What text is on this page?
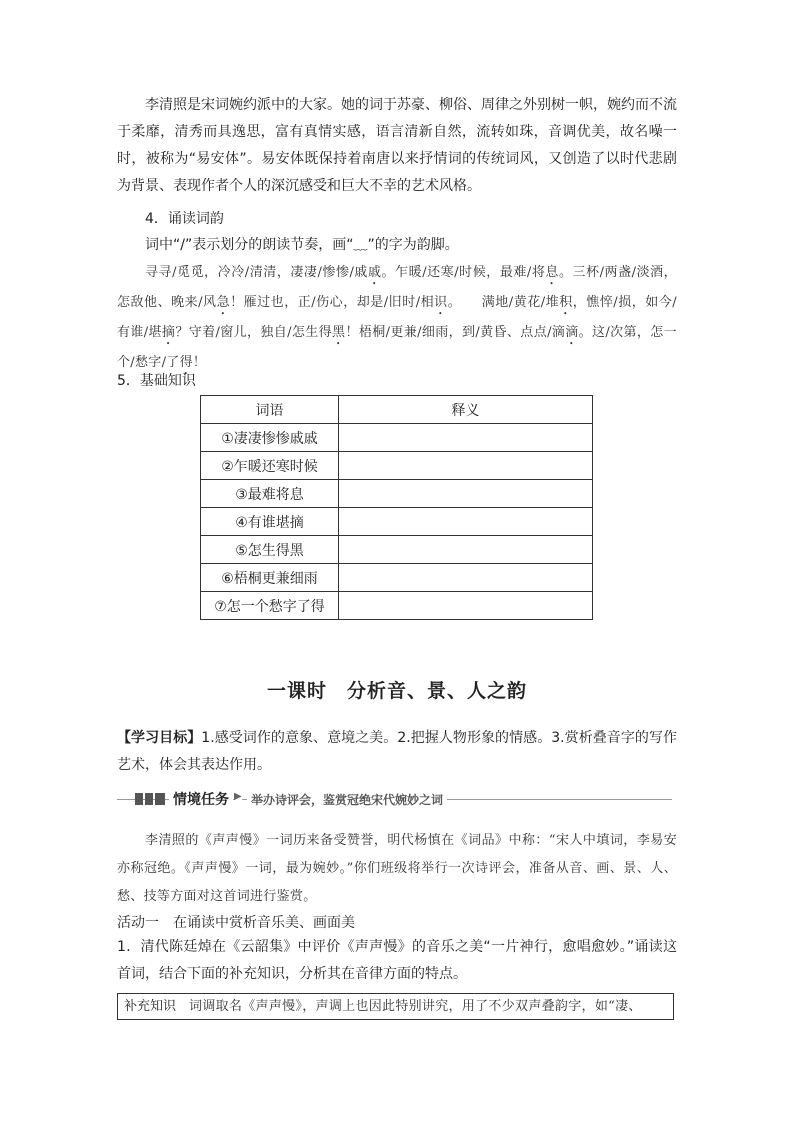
李清照是宋词婉约派中的大家。她的词于苏豪、柳俗、周律之外别树一帜，婉约而不流于柔靡，清秀而具逸思，富有真情实感，语言清新自然，流转如珠，音调优美，故名噪一时，被称为“易安体”。易安体既保持着南唐以来抒情词的传统词风，又创造了以时代悲剧为背景、表现作者个人的深沉感受和巨大不幸的艺术风格。
4．诵读词韵
词中“/”表示划分的朗读节奏，画“﹏”的字为韵脚。
寻寻/觅觅，冷冷/清清，凄凄/惨惨/戚戚。乍暖/还寒/时候，最难/将息。三杯/两盏/淡酒，怎敌他、晚来/风急！雁过也，正/伤心，却是/旧时/相识。　　满地/黄花/堆积，憔悴/损，如今/有谁/堪摘？守着/窗儿，独自/怎生得黑！梧桐/更兼/细雨，到/黄昏、点点/滴滴。这/次第，怎一个/愁字/了得！
5．基础知识
词语	释义
①凄凄惨惨戚戚	
②乍暖还寒时候	
③最难将息	
④有谁堪摘	
⑤怎生得黑	
⑥梧桐更兼细雨	
⑦怎一个愁字了得	
一课时　分析音、景、人之韵
【学习目标】1.感受词作的意象、意境之美。2.把握人物形象的情感。3.赏析叠音字的写作艺术，体会其表达作用。
情境任务 ▶ 举办诗评会，鉴赏冠绝宋代婉妙之词
李清照的《声声慢》一词历来备受赞誉，明代杨慎在《词品》中称：“宋人中填词，李易安亦称冠绝。《声声慢》一词，最为婉妙。”你们班级将举行一次诗评会，准备从音、画、景、人、愁、技等方面对这首词进行鉴赏。
活动一　在诵读中赏析音乐美、画面美
1．清代陈廷焯在《云韶集》中评价《声声慢》的音乐之美“一片神行，愈唱愈妙。”诵读这首词，结合下面的补充知识，分析其在音律方面的特点。
补充知识　 词调取名《声声慢》，声调上也因此特别讲究，用了不少双声叠韵字，如“凄、
